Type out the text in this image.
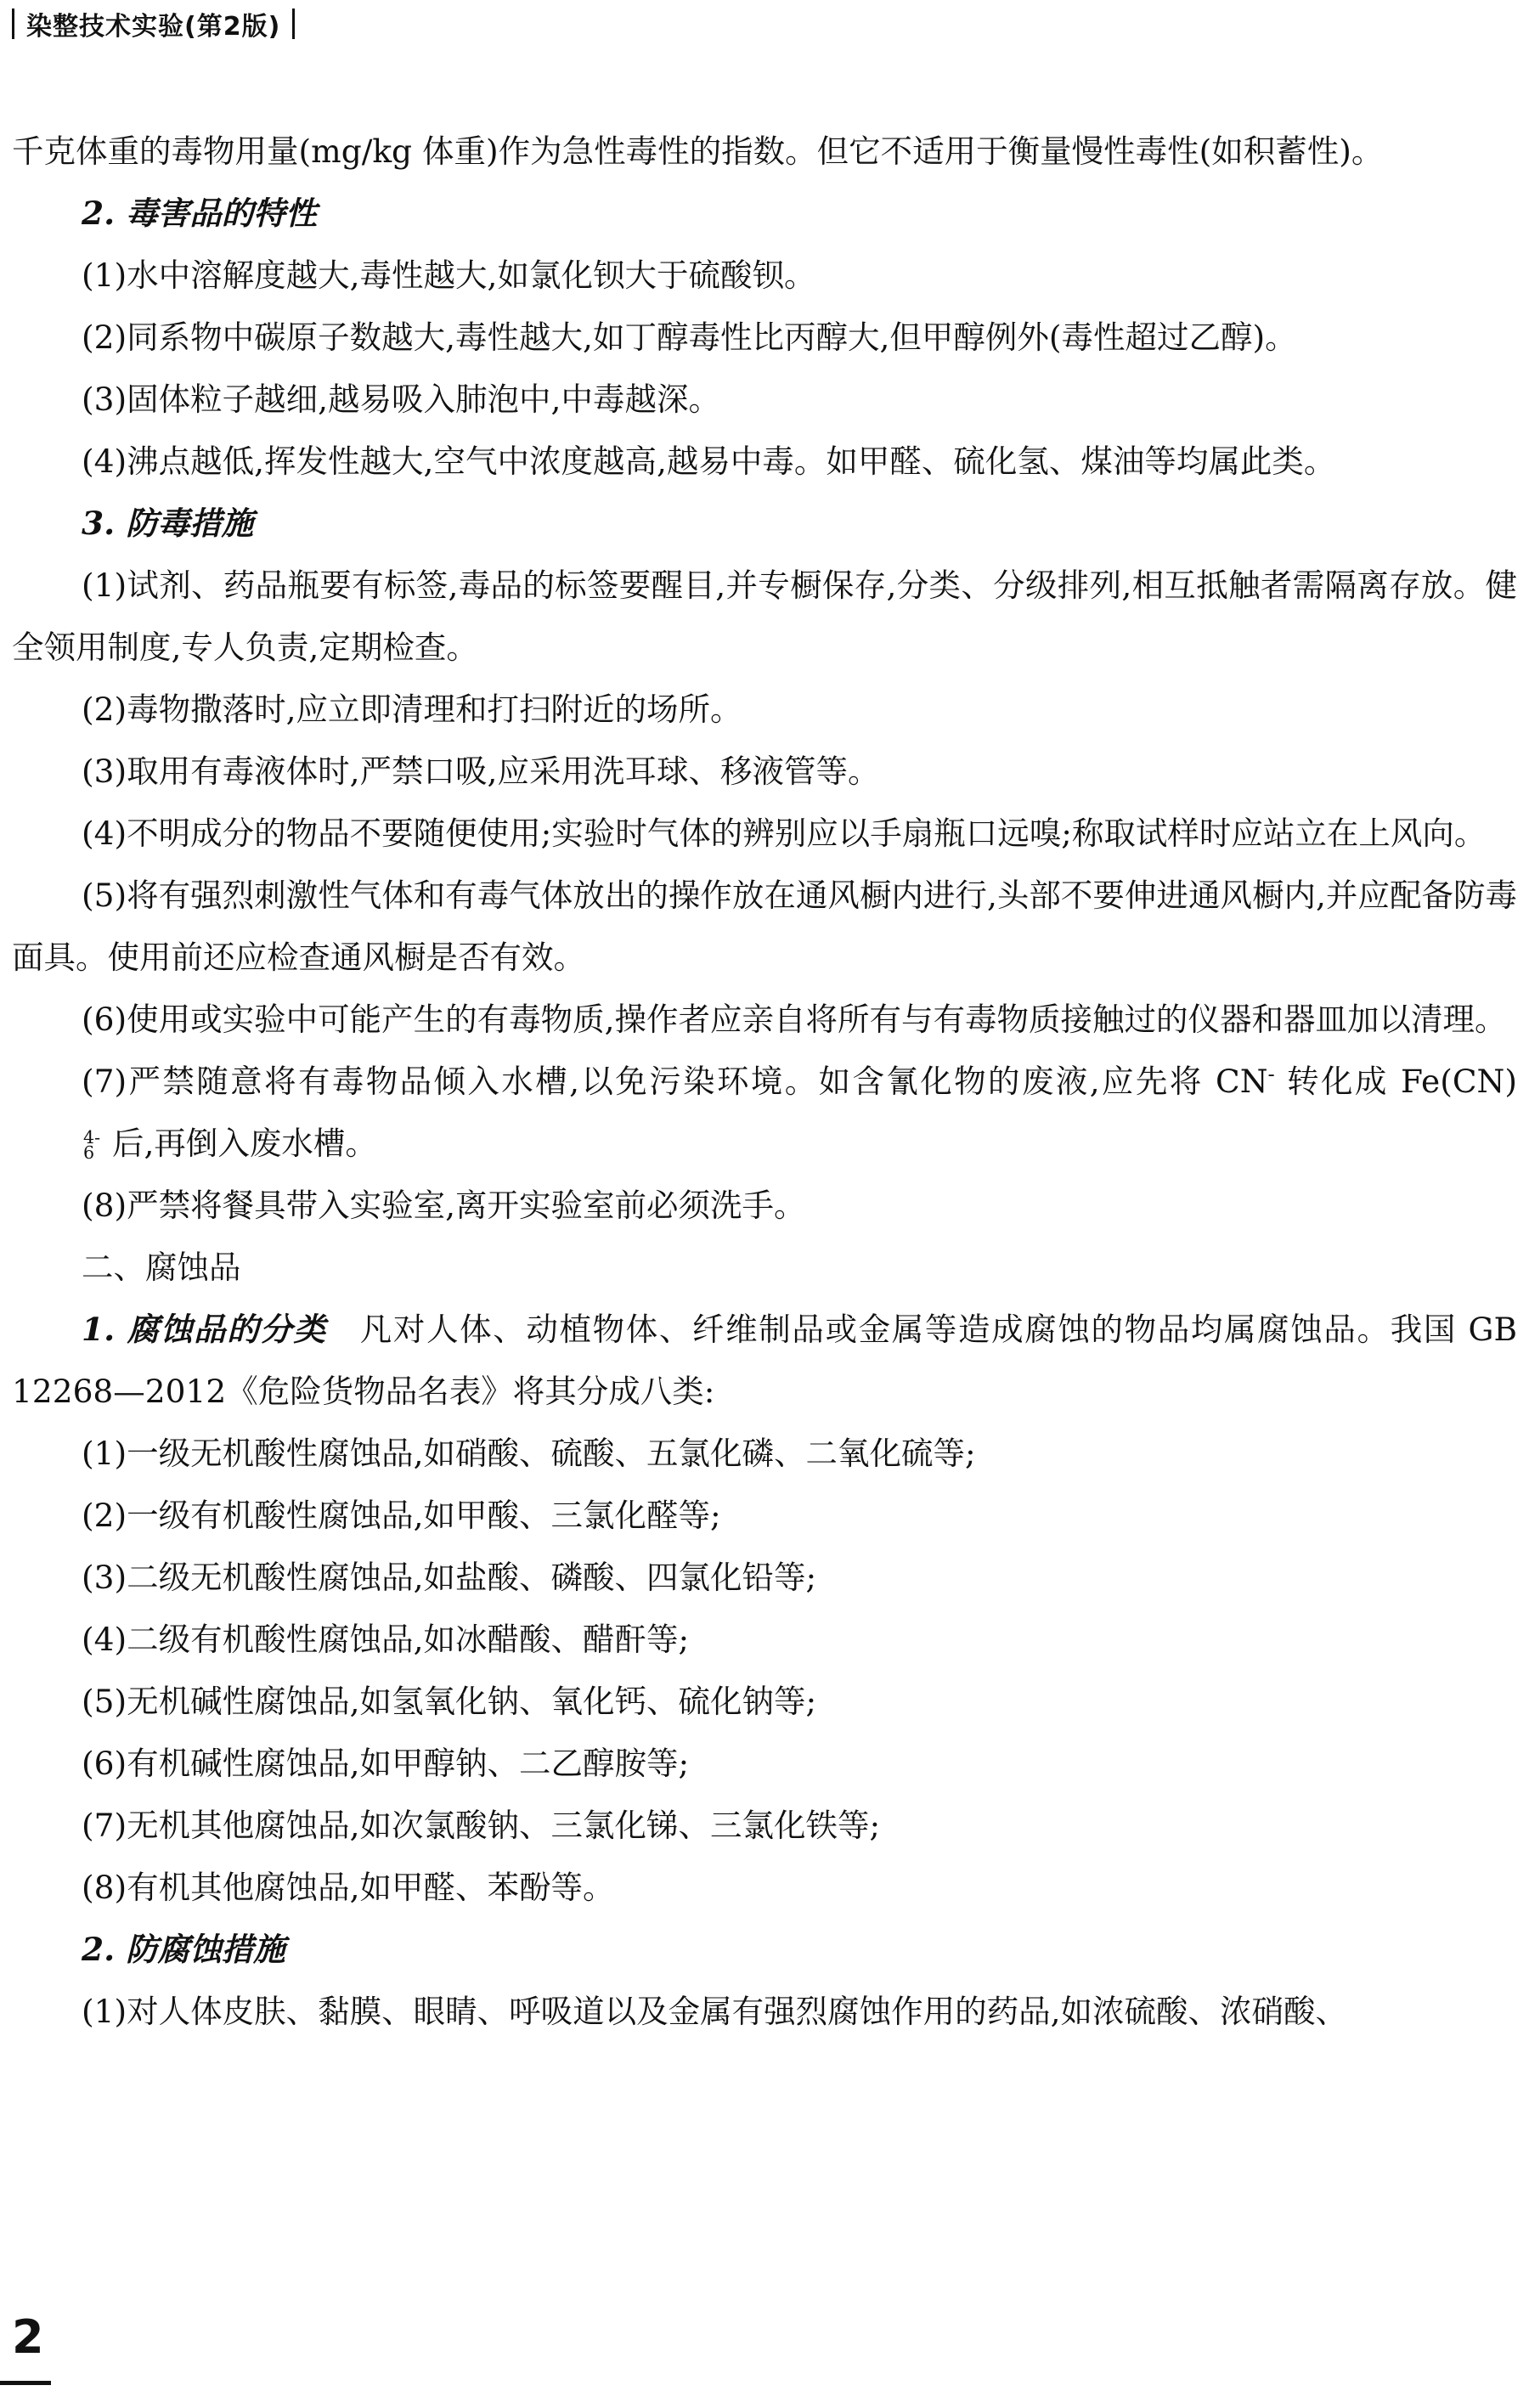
染整技术实验(第2版)

千克体重的毒物用量(mg/kg 体重)作为急性毒性的指数。但它不适用于衡量慢性毒性(如积蓄性)。

2. 毒害品的特性

(1)水中溶解度越大,毒性越大,如氯化钡大于硫酸钡。

(2)同系物中碳原子数越大,毒性越大,如丁醇毒性比丙醇大,但甲醇例外(毒性超过乙醇)。

(3)固体粒子越细,越易吸入肺泡中,中毒越深。

(4)沸点越低,挥发性越大,空气中浓度越高,越易中毒。如甲醛、硫化氢、煤油等均属此类。

3. 防毒措施

(1)试剂、药品瓶要有标签,毒品的标签要醒目,并专橱保存,分类、分级排列,相互抵触者需隔离存放。健全领用制度,专人负责,定期检查。

(2)毒物撒落时,应立即清理和打扫附近的场所。

(3)取用有毒液体时,严禁口吸,应采用洗耳球、移液管等。

(4)不明成分的物品不要随便使用;实验时气体的辨别应以手扇瓶口远嗅;称取试样时应站立在上风向。

(5)将有强烈刺激性气体和有毒气体放出的操作放在通风橱内进行,头部不要伸进通风橱内,并应配备防毒面具。使用前还应检查通风橱是否有效。

(6)使用或实验中可能产生的有毒物质,操作者应亲自将所有与有毒物质接触过的仪器和器皿加以清理。

(7)严禁随意将有毒物品倾入水槽,以免污染环境。如含氰化物的废液,应先将 CN- 转化成 Fe(CN)
4-
6 后,再倒入废水槽。

(8)严禁将餐具带入实验室,离开实验室前必须洗手。

二、腐蚀品

1. 腐蚀品的分类  凡对人体、动植物体、纤维制品或金属等造成腐蚀的物品均属腐蚀品。我国 GB 12268—2012《危险货物品名表》将其分成八类:

(1)一级无机酸性腐蚀品,如硝酸、硫酸、五氯化磷、二氧化硫等;

(2)一级有机酸性腐蚀品,如甲酸、三氯化醛等;

(3)二级无机酸性腐蚀品,如盐酸、磷酸、四氯化铅等;

(4)二级有机酸性腐蚀品,如冰醋酸、醋酐等;

(5)无机碱性腐蚀品,如氢氧化钠、氧化钙、硫化钠等;

(6)有机碱性腐蚀品,如甲醇钠、二乙醇胺等;

(7)无机其他腐蚀品,如次氯酸钠、三氯化锑、三氯化铁等;

(8)有机其他腐蚀品,如甲醛、苯酚等。

2. 防腐蚀措施

(1)对人体皮肤、黏膜、眼睛、呼吸道以及金属有强烈腐蚀作用的药品,如浓硫酸、浓硝酸、

2
